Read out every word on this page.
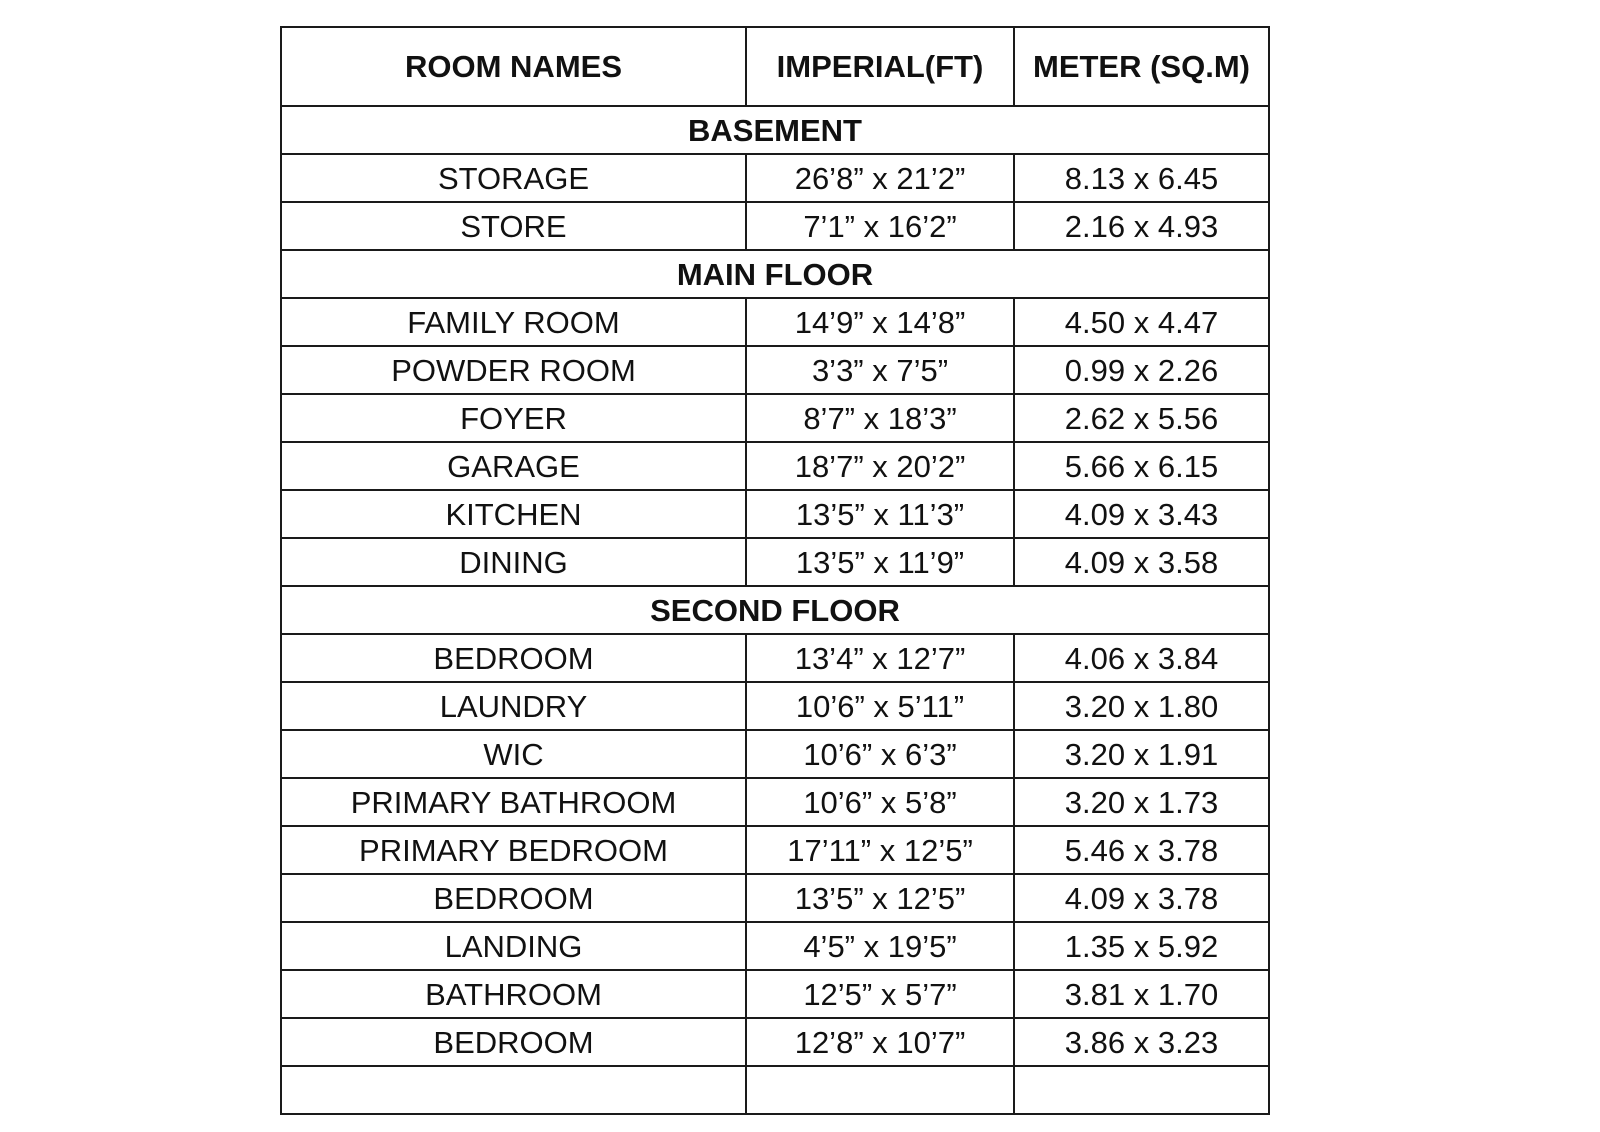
ROOM NAMES	IMPERIAL(FT)	METER (SQ.M)
BASEMENT		
STORAGE	26’8” x 21’2”	8.13 x 6.45
STORE	7’1” x 16’2”	2.16 x 4.93
MAIN FLOOR		
FAMILY ROOM	14’9” x 14’8”	4.50 x 4.47
POWDER ROOM	3’3” x 7’5”	0.99 x 2.26
FOYER	8’7” x 18’3”	2.62 x 5.56
GARAGE	18’7” x 20’2”	5.66 x 6.15
KITCHEN	13’5” x 11’3”	4.09 x 3.43
DINING	13’5” x 11’9”	4.09 x 3.58
SECOND FLOOR		
BEDROOM	13’4” x 12’7”	4.06 x 3.84
LAUNDRY	10’6” x 5’11”	3.20 x 1.80
WIC	10’6” x 6’3”	3.20 x 1.91
PRIMARY BATHROOM	10’6” x 5’8”	3.20 x 1.73
PRIMARY BEDROOM	17’11” x 12’5”	5.46 x 3.78
BEDROOM	13’5” x 12’5”	4.09 x 3.78
LANDING	4’5” x 19’5”	1.35 x 5.92
BATHROOM	12’5” x 5’7”	3.81 x 1.70
BEDROOM	12’8” x 10’7”	3.86 x 3.23
